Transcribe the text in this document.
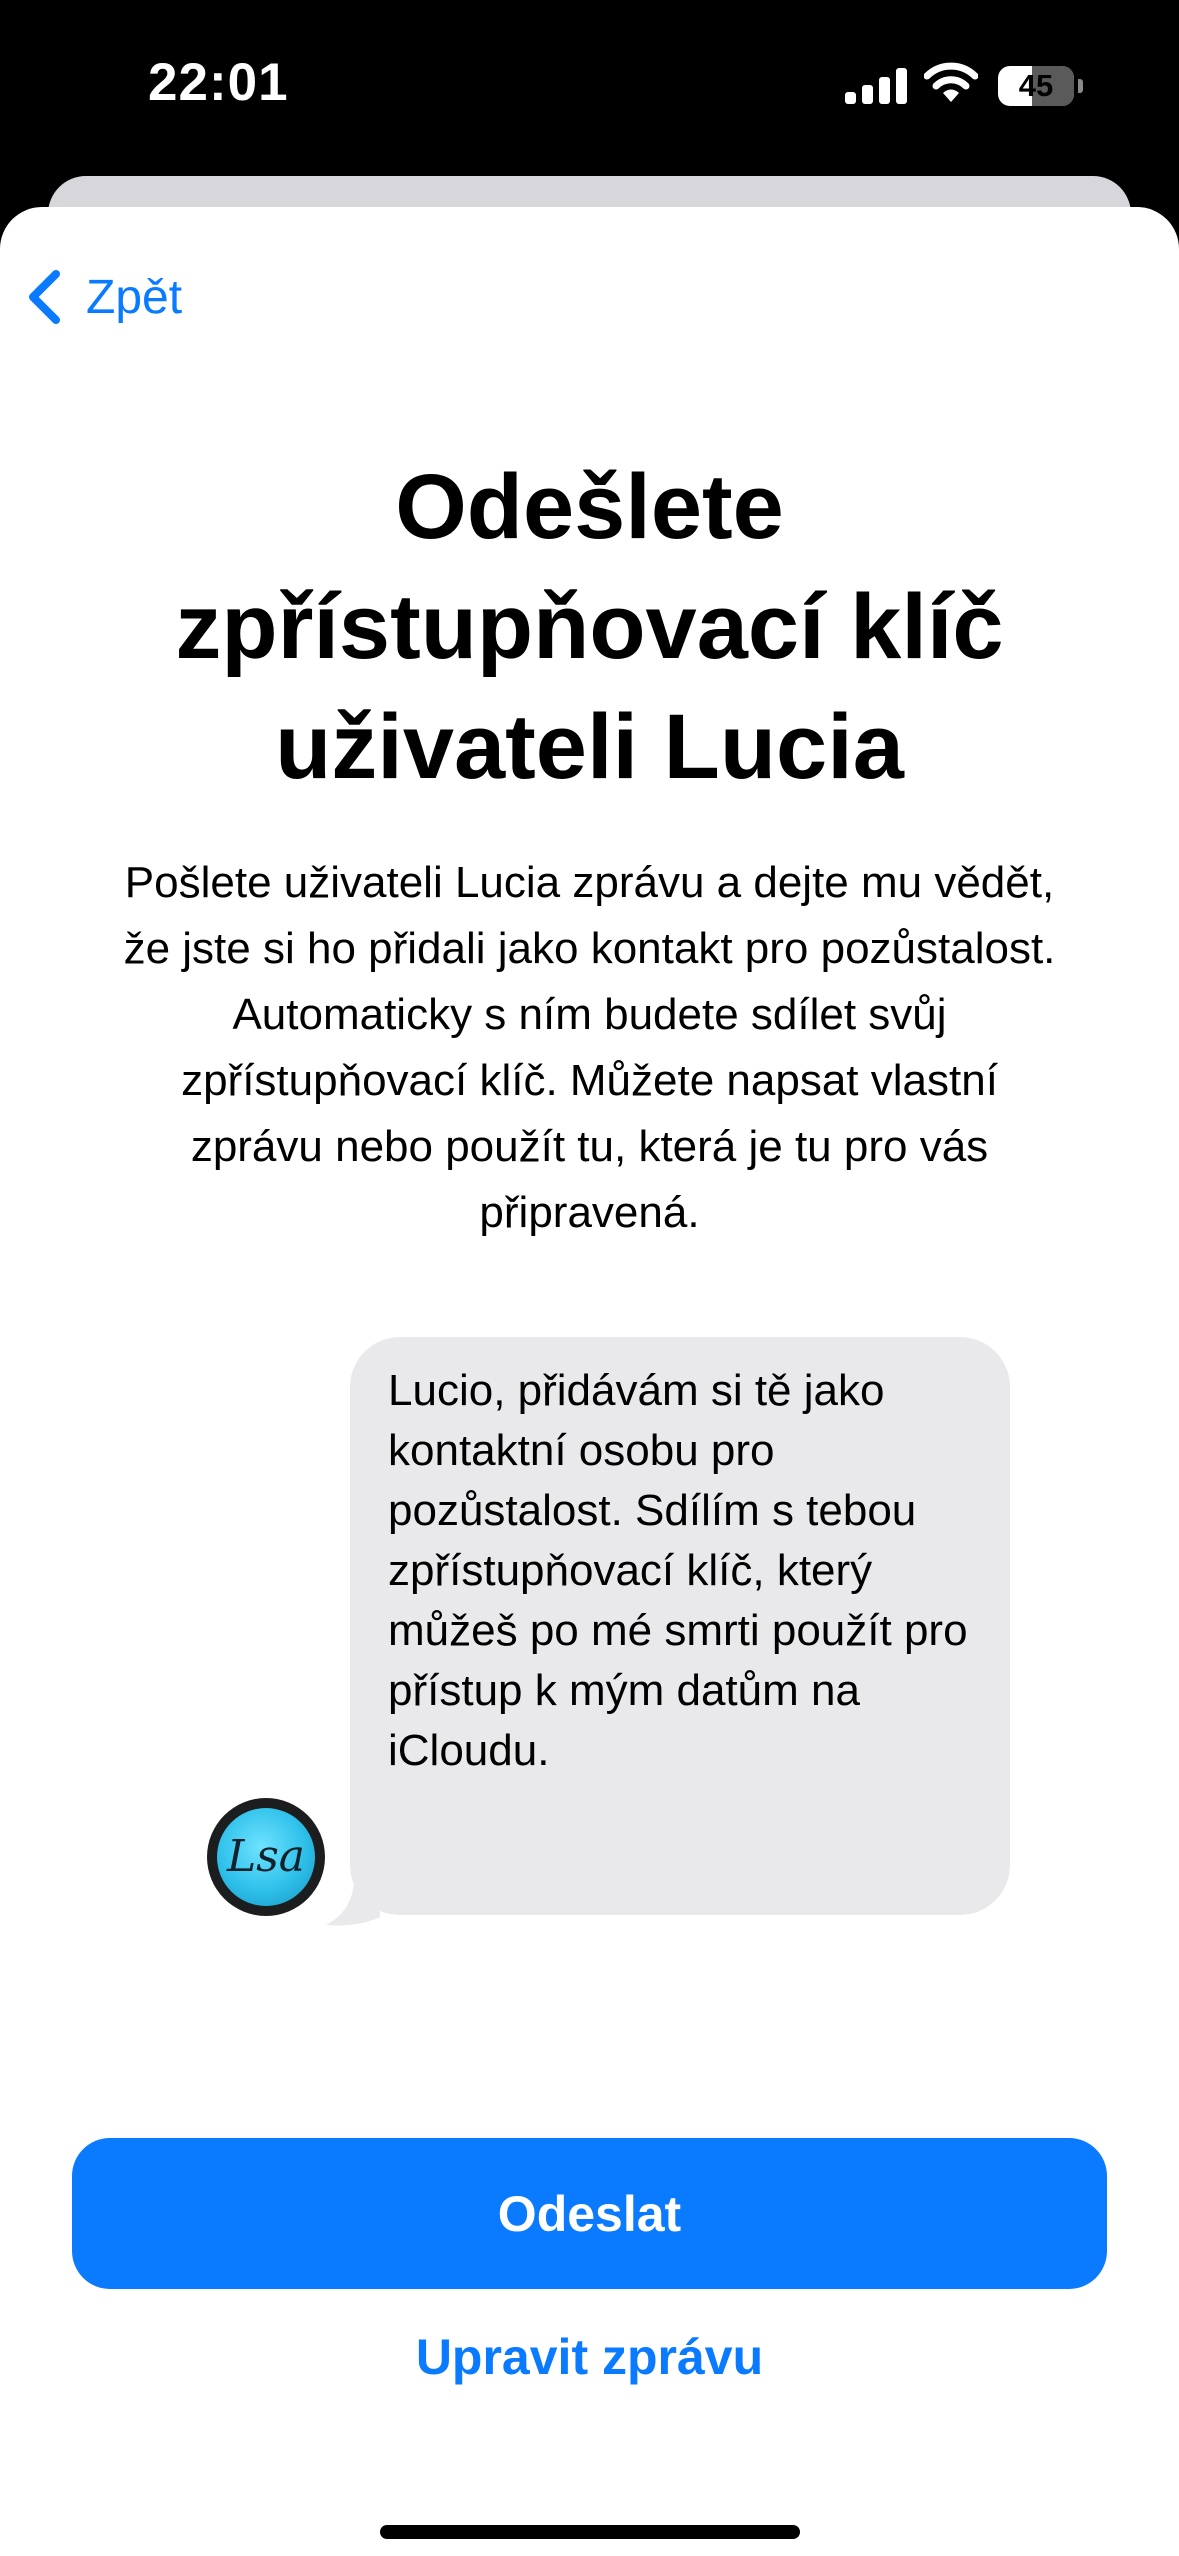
22:01	45
Zpět
Odešlete zpřístupňovací klíč uživateli Lucia

Pošlete uživateli Lucia zprávu a dejte mu vědět, že jste si ho přidali jako kontakt pro pozůstalost. Automaticky s ním budete sdílet svůj zpřístupňovací klíč. Můžete napsat vlastní zprávu nebo použít tu, která je tu pro vás připravená.

Lsa

Lucio, přidávám si tě jako kontaktní osobu pro pozůstalost. Sdílím s tebou zpřístupňovací klíč, který můžeš po mé smrti použít pro přístup k mým datům na iCloudu.

Odeslat
Upravit zprávu
